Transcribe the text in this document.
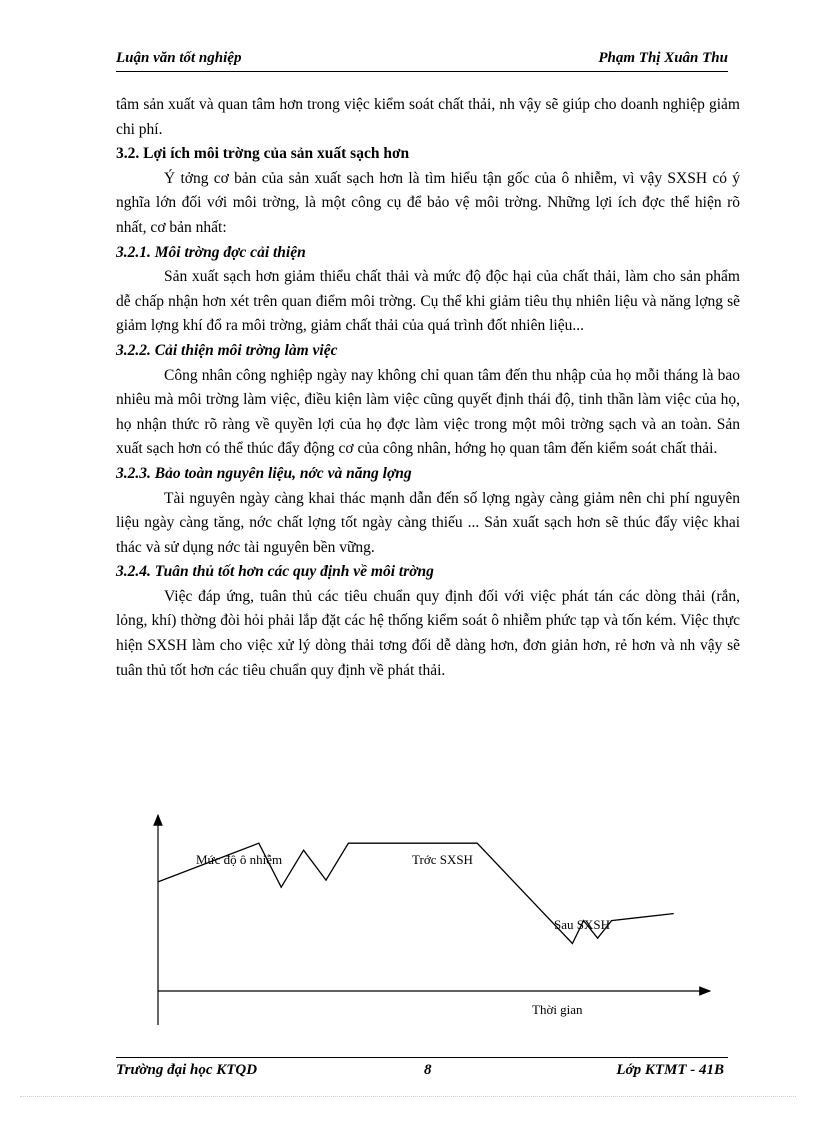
Luận văn tốt nghiệp	Phạm Thị Xuân Thu

tâm sản xuất và quan tâm hơn trong việc kiểm soát chất thải, nh vậy sẽ giúp cho doanh nghiệp giảm chi phí.

3.2. Lợi ích môi trờng của sản xuất sạch hơn

Ý tởng cơ bản của sản xuất sạch hơn là tìm hiểu tận gốc của ô nhiễm, vì vậy SXSH có ý nghĩa lớn đối với môi trờng, là một công cụ để bảo vệ môi trờng. Những lợi ích đợc thể hiện rõ nhất, cơ bản nhất:

3.2.1. Môi trờng đợc cải thiện

Sản xuất sạch hơn giảm thiểu chất thải và mức độ độc hại của chất thải, làm cho sản phẩm dễ chấp nhận hơn xét trên quan điểm môi trờng. Cụ thể khi giảm tiêu thụ nhiên liệu và năng lợng sẽ giảm lợng khí đổ ra môi trờng, giảm chất thải của quá trình đốt nhiên liệu...

3.2.2. Cải thiện môi trờng làm việc

Công nhân công nghiệp ngày nay không chỉ quan tâm đến thu nhập của họ mỗi tháng là bao nhiêu mà môi trờng làm việc, điều kiện làm việc cũng quyết định thái độ, tinh thần làm việc của họ, họ nhận thức rõ ràng về quyền lợi của họ đợc làm việc trong một môi trờng sạch và an toàn. Sản xuất sạch hơn có thể thúc đẩy động cơ của công nhân, hớng họ quan tâm đến kiểm soát chất thải.

3.2.3. Bảo toàn nguyên liệu, nớc và năng lợng

Tài nguyên ngày càng khai thác mạnh dẫn đến số lợng ngày càng giảm nên chi phí nguyên liệu ngày càng tăng, nớc chất lợng tốt ngày càng thiếu ... Sản xuất sạch hơn sẽ thúc đẩy việc khai thác và sử dụng nớc tài nguyên bền vững.

3.2.4. Tuân thủ tốt hơn các quy định về môi trờng

Việc đáp ứng, tuân thủ các tiêu chuẩn quy định đối với việc phát tán các dòng thải (rắn, lỏng, khí) thờng đòi hỏi phải lắp đặt các hệ thống kiểm soát ô nhiễm phức tạp và tốn kém. Việc thực hiện SXSH làm cho việc xử lý dòng thải tơng đối dễ dàng hơn, đơn giản hơn, rẻ hơn và nh vậy sẽ tuân thủ tốt hơn các tiêu chuẩn quy định về phát thải.

Mức độ ô nhiễm	Trớc SXSH
Sau SXSH
Thời gian
Trường đại học KTQD	8	Lớp KTMT - 41B
